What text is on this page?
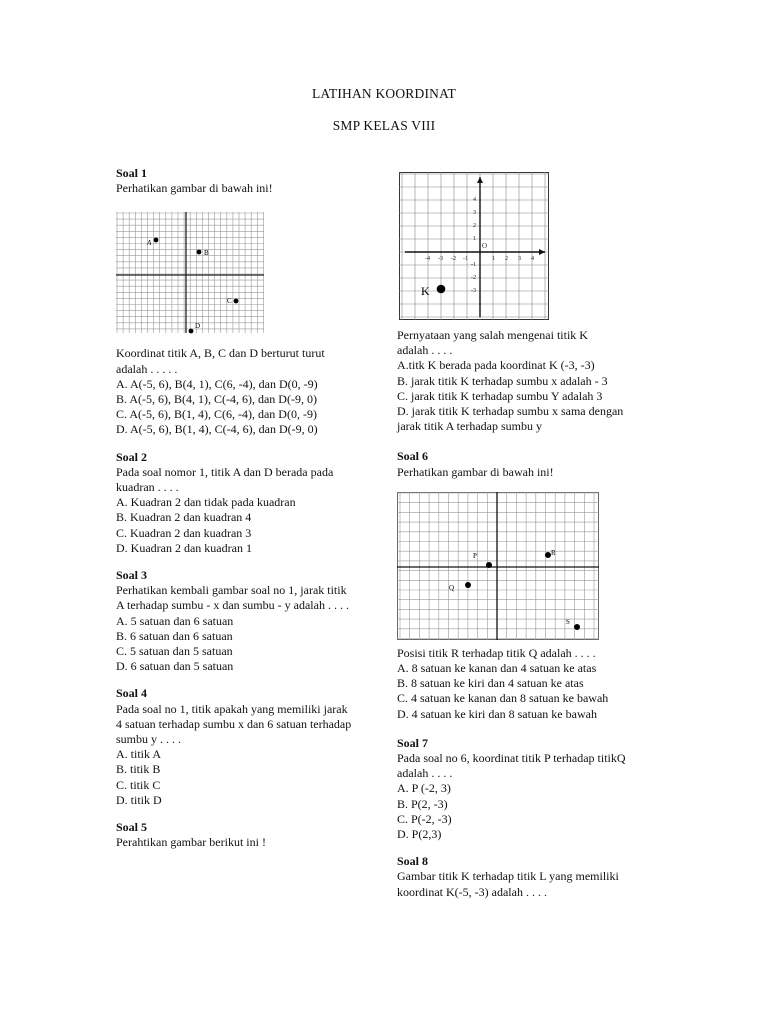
LATIHAN KOORDINAT
SMP KELAS VIII
Soal 1
Perhatikan gambar di bawah ini!
A
B
C
D
Koordinat titik A, B, C dan D berturut turut
adalah . . . . .
A. A(-5, 6), B(4, 1), C(6, -4), dan D(0, -9)
B. A(-5, 6), B(4, 1), C(-4, 6), dan D(-9, 0)
C. A(-5, 6), B(1, 4), C(6, -4), dan D(0, -9)
D. A(-5, 6), B(1, 4), C(-4, 6), dan D(-9, 0)
Soal 2
Pada soal nomor 1, titik A dan D berada pada
kuadran . . . .
A. Kuadran 2 dan tidak pada kuadran
B. Kuadran 2 dan kuadran 4
C. Kuadran 2 dan kuadran 3
D. Kuadran 2 dan kuadran 1
Soal 3
Perhatikan kembali gambar soal no 1, jarak titik
A terhadap sumbu - x dan sumbu - y adalah . . . .
A. 5 satuan dan 6 satuan
B. 6 satuan dan 6 satuan
C. 5 satuan dan 5 satuan
D. 6 satuan dan 5 satuan
Soal 4
Pada soal no 1, titik apakah yang memiliki jarak
4 satuan terhadap sumbu x dan 6 satuan terhadap
sumbu y . . . .
A. titik A
B. titik B
C. titik C
D. titik D
Soal 5
Perahtikan gambar berikut ini !
-4 -3 -2 -1	1 2 3 4
4
3
2
1
-1
-2
-3
O
K
Pernyataan yang salah mengenai titik K
adalah . . . .
A.titk K berada pada koordinat K (-3, -3)
B. jarak titik K terhadap sumbu x adalah - 3
C. jarak titik K terhadap sumbu Y adalah 3
D. jarak titik K terhadap sumbu x sama dengan
jarak titik A terhadap sumbu y
Soal 6
Perhatikan gambar di bawah ini!
P
Q
R
S
Posisi titik R terhadap titik Q adalah . . . .
A. 8 satuan ke kanan dan 4 satuan ke atas
B. 8 satuan ke kiri dan 4 satuan ke atas
C. 4 satuan ke kanan dan 8 satuan ke bawah
D. 4 satuan ke kiri dan 8 satuan ke bawah
Soal 7
Pada soal no 6, koordinat titik P terhadap titikQ
adalah . . . .
A. P (-2, 3)
B. P(2, -3)
C. P(-2, -3)
D. P(2,3)
Soal 8
Gambar titik K terhadap titik L yang memiliki
koordinat K(-5, -3) adalah . . . .
